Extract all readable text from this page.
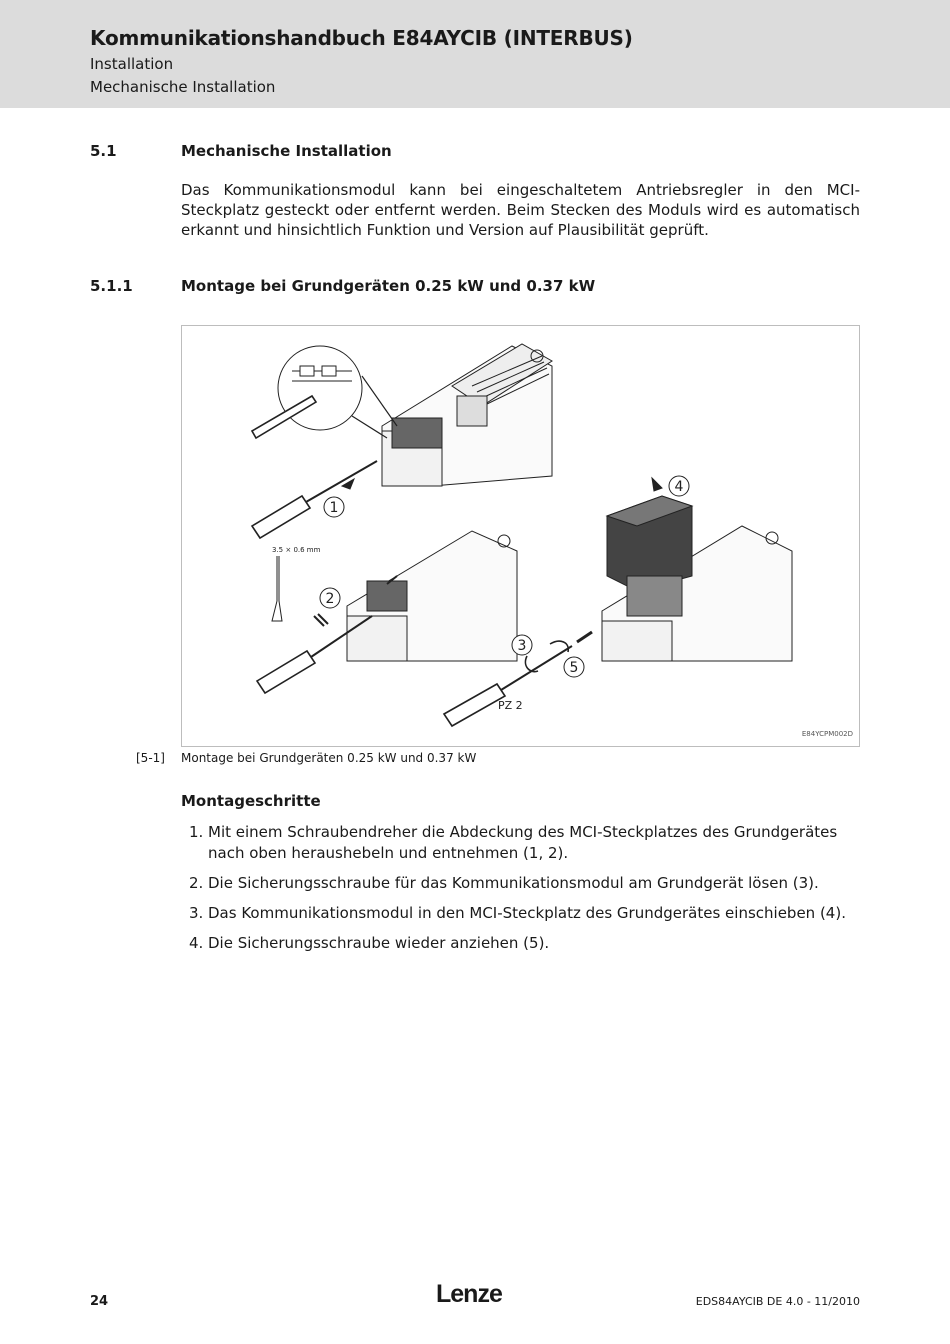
Kommunikationshandbuch E84AYCIB (INTERBUS)
Installation
Mechanische Installation
5.1	Mechanische Installation
Das Kommunikationsmodul kann bei eingeschaltetem Antriebsregler in den MCI-Steckplatz gesteckt oder entfernt werden. Beim Stecken des Moduls wird es automatisch erkannt und hinsichtlich Funktion und Version auf Plausibilität geprüft.
5.1.1	Montage bei Grundgeräten 0.25 kW und 0.37 kW
1
2
3
4
5
3.5 × 0.6 mm
PZ 2
E84YCPM002D
[5-1] Montage bei Grundgeräten 0.25 kW und 0.37 kW
Montageschritte
1. Mit einem Schraubendreher die Abdeckung des MCI-Steckplatzes des Grundgerätes nach oben heraushebeln und entnehmen (1, 2).
2. Die Sicherungsschraube für das Kommunikationsmodul am Grundgerät lösen (3).
3. Das Kommunikationsmodul in den MCI-Steckplatz des Grundgerätes einschieben (4).
4. Die Sicherungsschraube wieder anziehen (5).
24	Lenze	EDS84AYCIB DE 4.0 - 11/2010
